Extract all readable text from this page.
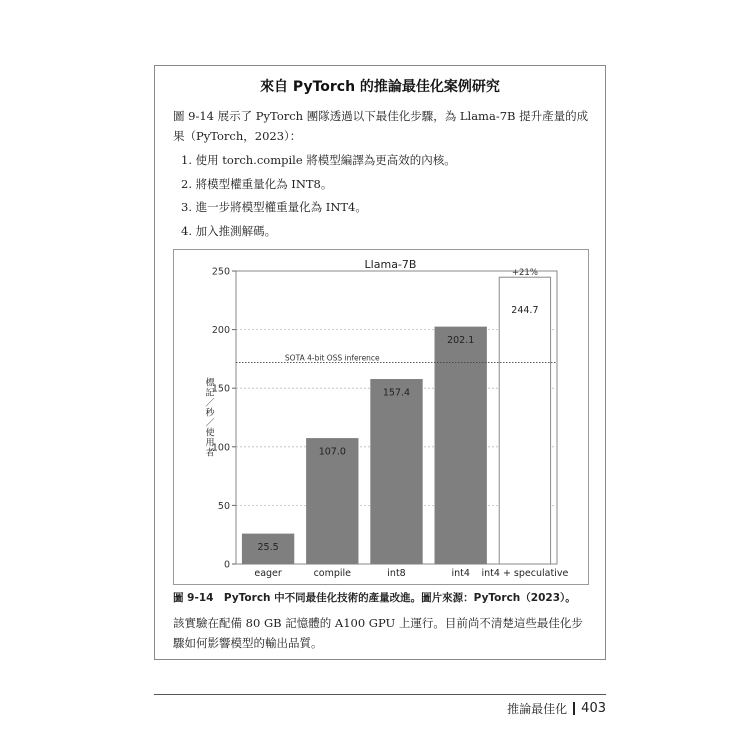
來自 PyTorch 的推論最佳化案例研究
圖 9-14 展示了 PyTorch 團隊透過以下最佳化步驟，為 Llama-7B 提升產量的成果（PyTorch，2023）：
1. 使用 torch.compile 將模型編譯為更高效的內核。
2. 將模型權重量化為 INT8。
3. 進一步將模型權重量化為 INT4。
4. 加入推測解碼。
0
50
100
150
200
250
Llama-7B
標記／秒／使用者
25.5
eager
107.0
compile
157.4
int8
202.1
int4
244.7
int4 + speculative
+21%
SOTA 4-bit OSS inference
圖 9-14　PyTorch 中不同最佳化技術的產量改進。圖片來源：PyTorch（2023）。
該實驗在配備 80 GB 記憶體的 A100 GPU 上運行。目前尚不清楚這些最佳化步驟如何影響模型的輸出品質。
推論最佳化 403
